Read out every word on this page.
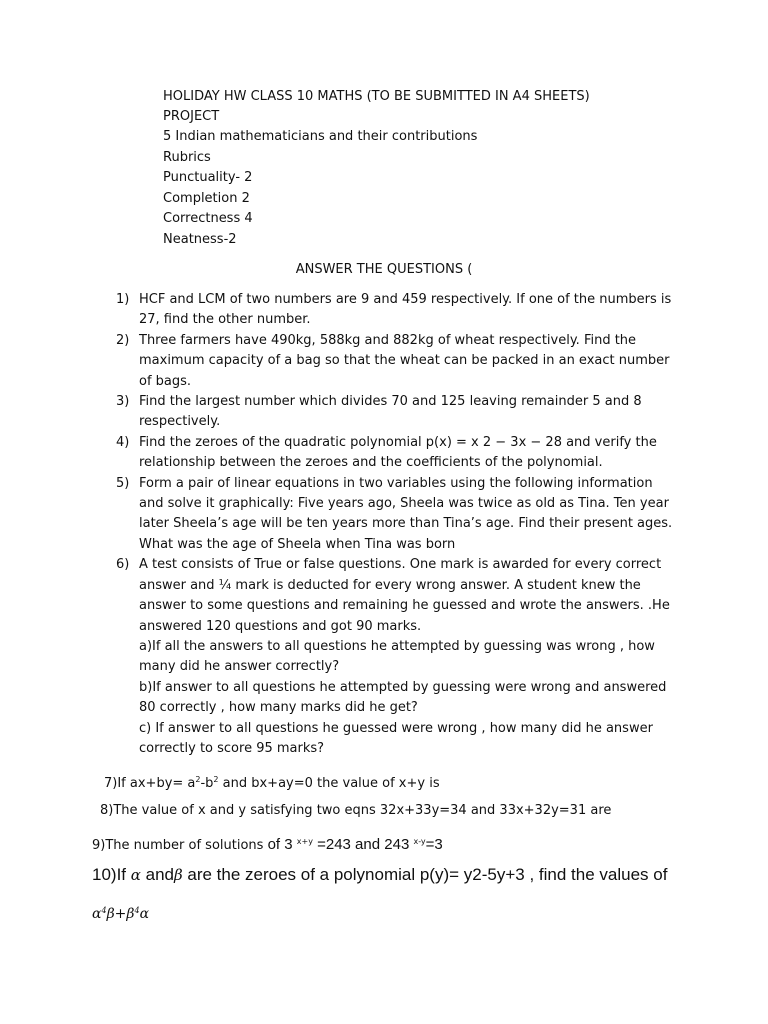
HOLIDAY HW CLASS 10 MATHS (TO BE SUBMITTED IN A4 SHEETS)
PROJECT
5 Indian mathematicians and their contributions
Rubrics
Punctuality- 2
Completion 2
Correctness 4
Neatness-2
ANSWER THE QUESTIONS (
1) HCF and LCM of two numbers are 9 and 459 respectively. If one of the numbers is 27, find the other number.
2) Three farmers have 490kg, 588kg and 882kg of wheat respectively. Find the maximum capacity of a bag so that the wheat can be packed in an exact number of bags.
3) Find the largest number which divides 70 and 125 leaving remainder 5 and 8 respectively.
4) Find the zeroes of the quadratic polynomial p(x) = x 2 − 3x − 28 and verify the relationship between the zeroes and the coefficients of the polynomial.
5) Form a pair of linear equations in two variables using the following information and solve it graphically: Five years ago, Sheela was twice as old as Tina. Ten year later Sheela’s age will be ten years more than Tina’s age. Find their present ages. What was the age of Sheela when Tina was born
6) A test consists of True or false questions. One mark is awarded for every correct answer and ¼ mark is deducted for every wrong answer. A student knew the answer to some questions and remaining he guessed and wrote the answers. .He answered 120 questions and got 90 marks.
a)If all the answers to all questions he attempted by guessing was wrong , how many did he answer correctly?
b)If answer to all questions he attempted by guessing were wrong and answered 80 correctly , how many marks did he get?
c) If answer to all questions he guessed were wrong , how many did he answer correctly to score 95 marks?
7)If $ax+by= a^2-b^2$ and bx+ay=0 the value of x+y is
8)The value of x and y satisfying two eqns 32x+33y=34 and 33x+32y=31 are
9)The number of solutions of 3 $^{x+y}$ =243 and 243 $^{x-y}$=3
10)If α andβ are the zeroes of a polynomial p(y)= y2-5y+3 , find the values of
$\alpha^4\beta+\beta^4\alpha$
